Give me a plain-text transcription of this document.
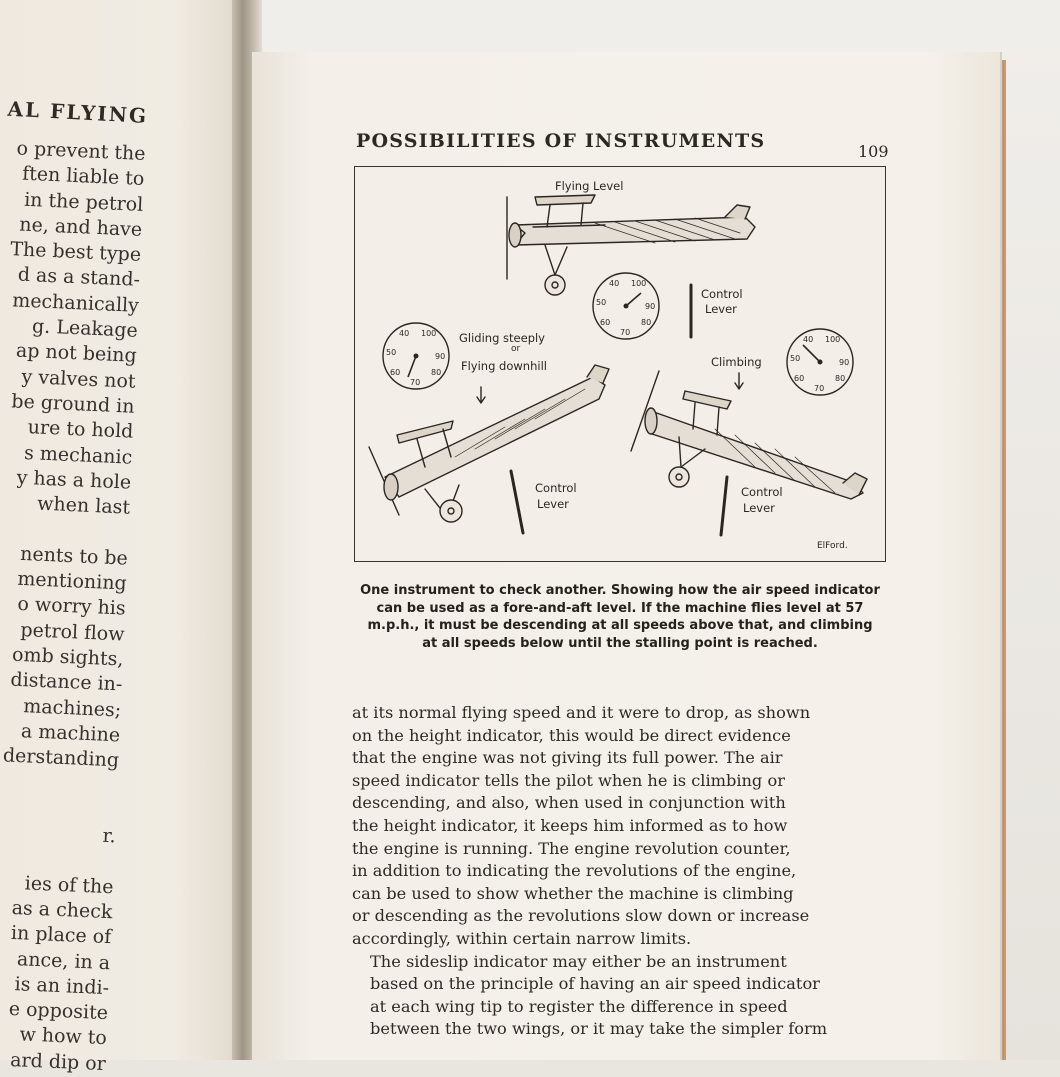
AL FLYING
o prevent the
ften liable to
in the petrol
ne, and have
The best type
d as a stand-
mechanically
g. Leakage
ap not being
y valves not
be ground in
ure to hold
s mechanic
y has a hole
when last

nents to be
mentioning
o worry his
petrol flow
omb sights,
distance in-
machines;
a machine
derstanding

r.

ies of the
as a check
in place of
ance, in a
is an indi-
e opposite
w how to
ard dip or
POSSIBILITIES OF INSTRUMENTS	109
40 100
50	90
60	80
70
40 100
50	90
60	80
70
40 100
50	90
60	80
70
Flying Level
Control
Lever
Gliding steeply
or
Flying downhill	Climbing
Control
Lever
Control
Lever
ElFord.
One instrument to check another. Showing how the air speed indicator can be used as a fore-and-aft level. If the machine flies level at 57 m.p.h., it must be descending at all speeds above that, and climbing at all speeds below until the stalling point is reached.

at its normal flying speed and it were to drop, as shown
on the height indicator, this would be direct evidence
that the engine was not giving its full power. The air
speed indicator tells the pilot when he is climbing or
descending, and also, when used in conjunction with
the height indicator, it keeps him informed as to how
the engine is running. The engine revolution counter,
in addition to indicating the revolutions of the engine,
can be used to show whether the machine is climbing
or descending as the revolutions slow down or increase
accordingly, within certain narrow limits.

The sideslip indicator may either be an instrument
based on the principle of having an air speed indicator
at each wing tip to register the difference in speed
between the two wings, or it may take the simpler form
